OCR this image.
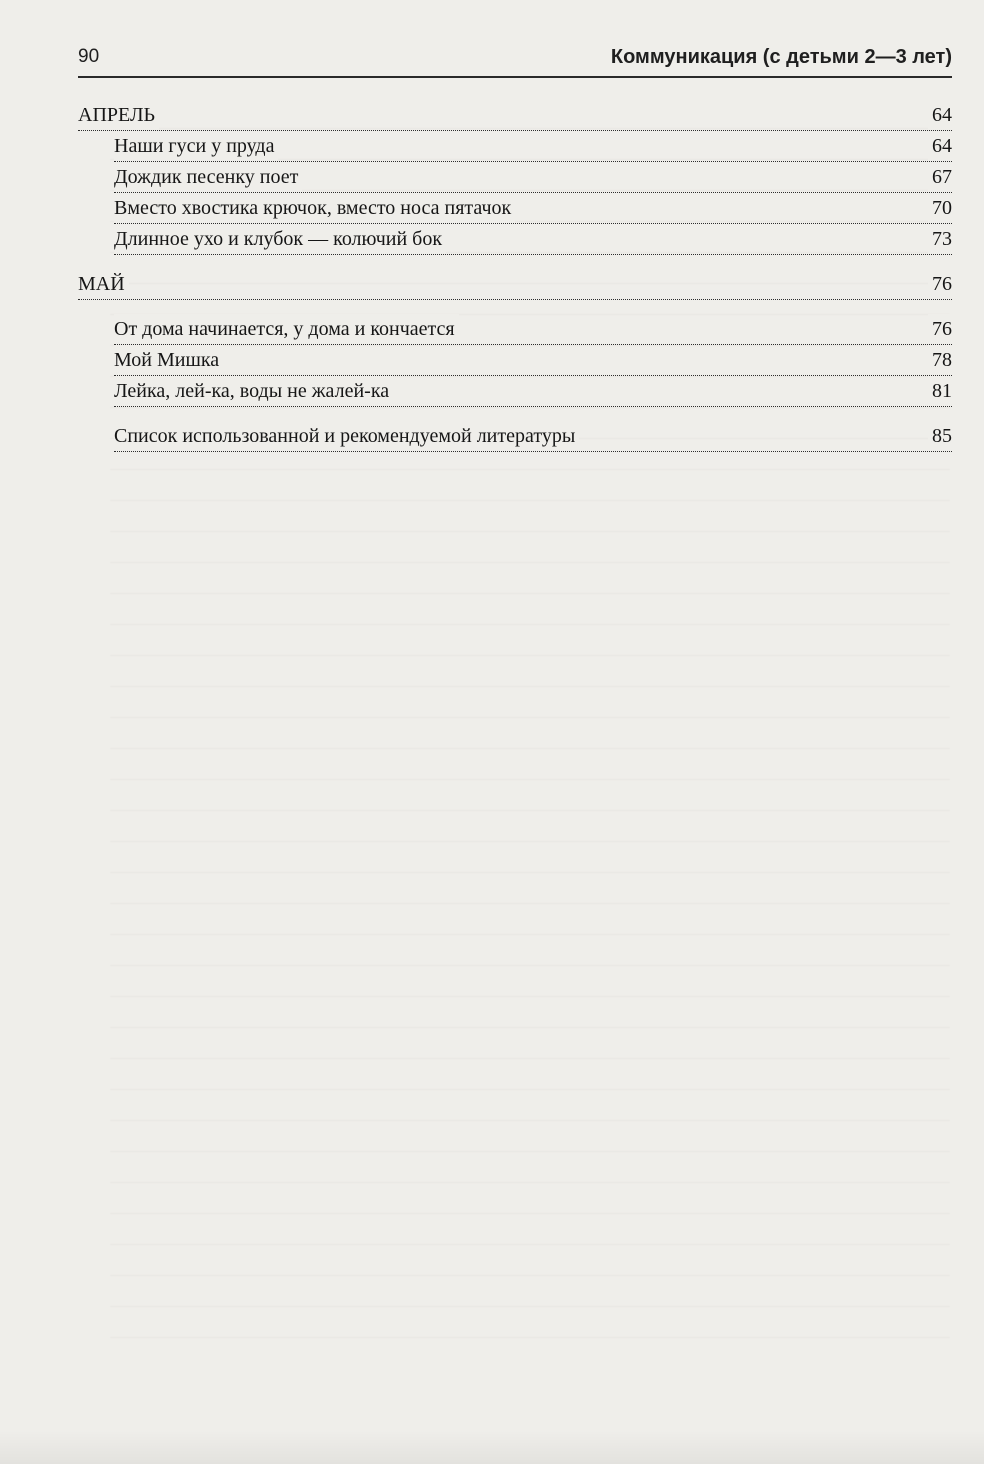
90	Коммуникация (с детьми 2—3 лет)
АПРЕЛЬ	64
Наши гуси у пруда	64
Дождик песенку поет	67
Вместо хвостика крючок, вместо носа пятачок	70
Длинное ухо и клубок — колючий бок	73
МАЙ	76
От дома начинается, у дома и кончается	76
Мой Мишка	78
Лейка, лей-ка, воды не жалей-ка	81
Список использованной и рекомендуемой литературы	85
